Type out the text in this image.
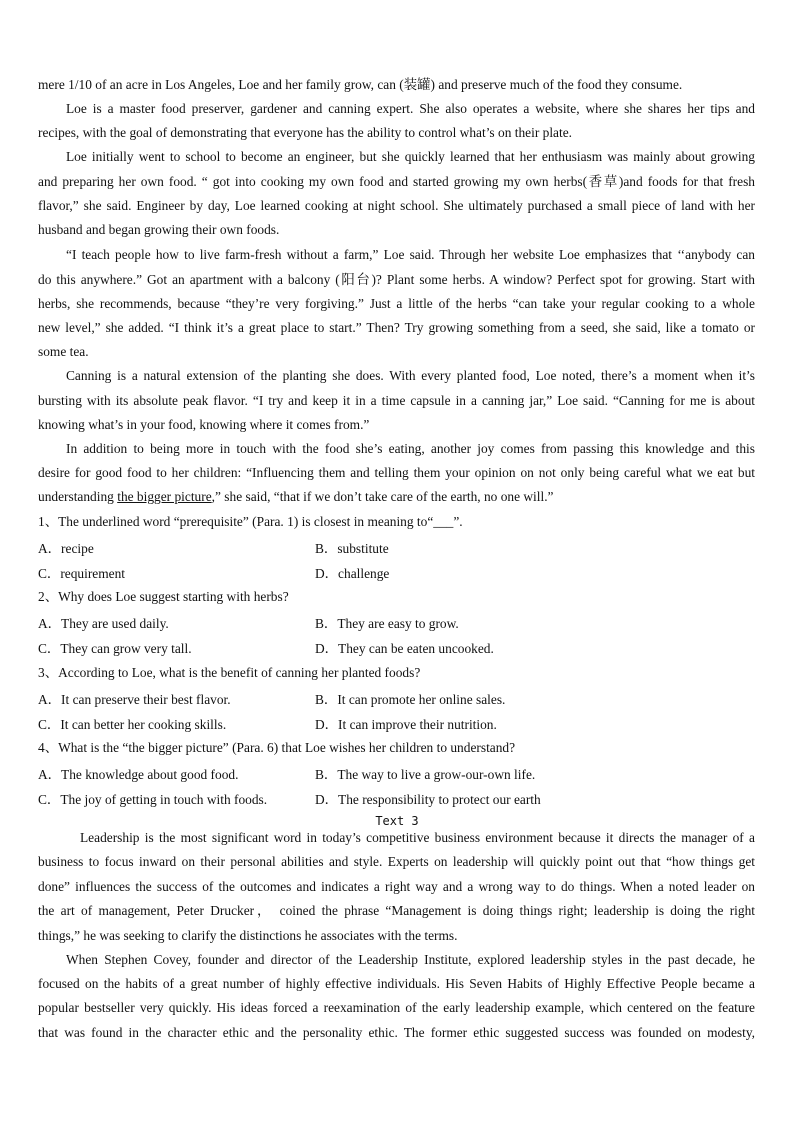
mere 1/10 of an acre in Los Angeles, Loe and her family grow, can (装罐) and preserve much of the food they consume.
Loe is a master food preserver, gardener and canning expert. She also operates a website, where she shares her tips and
recipes, with the goal of demonstrating that everyone has the ability to control what’s on their plate.
Loe initially went to school to become an engineer, but she quickly learned that her enthusiasm was mainly about growing
and preparing her own food. “ got into cooking my own food and started growing my own herbs(香草)and foods for that fresh
flavor,” she said. Engineer by day, Loe learned cooking at night school. She ultimately purchased a small piece of land with her
husband and began growing their own foods.
“I teach people how to live farm-fresh without a farm,” Loe said. Through her website Loe emphasizes that ‘‘anybody can
do this anywhere.” Got an apartment with a balcony (阳台)? Plant some herbs. A window? Perfect spot for growing. Start with
herbs, she recommends, because “they’re very forgiving.” Just a little of the herbs “can take your regular cooking to a whole
new level,” she added. “I think it’s a great place to start.” Then? Try growing something from a seed, she said, like a tomato or
some tea.
Canning is a natural extension of the planting she does. With every planted food, Loe noted, there’s a moment when it’s
bursting with its absolute peak flavor. “I try and keep it in a time capsule in a canning jar,” Loe said. “Canning for me is about
knowing what’s in your food, knowing where it comes from.”
In addition to being more in touch with the food she’s eating, another joy comes from passing this knowledge and this
desire for good food to her children: “Influencing them and telling them your opinion on not only being careful what we eat but
understanding the bigger picture,” she said, “that if we don’t take care of the earth, no one will.”
1、The underlined word “prerequisite” (Para. 1) is closest in meaning to“___”.
A．recipe	B．substitute
C．requirement	D．challenge
2、Why does Loe suggest starting with herbs?
A．They are used daily.	B．They are easy to grow.
C．They can grow very tall.	D．They can be eaten uncooked.
3、According to Loe, what is the benefit of canning her planted foods?
A．It can preserve their best flavor.	B．It can promote her online sales.
C．It can better her cooking skills.	D．It can improve their nutrition.
4、What is the “the bigger picture” (Para. 6) that Loe wishes her children to understand?
A．The knowledge about good food.	B．The way to live a grow-our-own life.
C．The joy of getting in touch with foods.	D．The responsibility to protect our earth
Text 3
Leadership is the most significant word in today’s competitive business environment because it directs the manager of a
business to focus inward on their personal abilities and style. Experts on leadership will quickly point out that “how things get
done” influences the success of the outcomes and indicates a right way and a wrong way to do things. When a noted leader on
the art of management, Peter Drucker， coined the phrase “Management is doing things right; leadership is doing the right
things,” he was seeking to clarify the distinctions he associates with the terms.
When Stephen Covey, founder and director of the Leadership Institute, explored leadership styles in the past decade, he
focused on the habits of a great number of highly effective individuals. His Seven Habits of Highly Effective People became a
popular bestseller very quickly. His ideas forced a reexamination of the early leadership example, which centered on the feature
that was found in the character ethic and the personality ethic. The former ethic suggested success was founded on modesty,
